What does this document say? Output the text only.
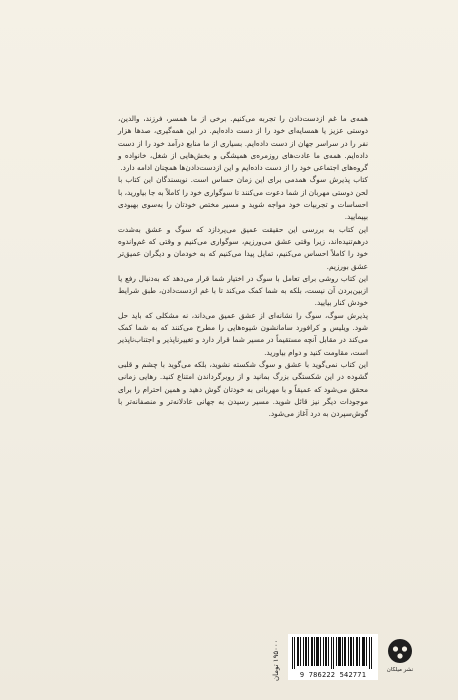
همه‌ی ما غم ازدست‌دادن را تجربه می‌کنیم. برخی از ما همسر، فرزند، والدین، دوستی عزیز یا همسایه‌ای خود را از دست داده‌ایم. در این همه‌گیری، صدها هزار نفر را در سراسر جهان از دست داده‌ایم. بسیاری از ما منابع درآمد خود را از دست داده‌ایم. همه‌ی ما عادت‌های روزمره‌ی همیشگی و بخش‌هایی از شغل، خانواده و گروه‌های اجتماعی خود را از دست داده‌ایم و این ازدست‌دادن‌ها همچنان ادامه دارد.

کتاب پذیرش سوگ همدمی برای این زمان حساس است. نویسندگان این کتاب با لحن دوستی مهربان از شما دعوت می‌کنند تا سوگواری خود را کاملاً به جا بیاورید، با احساسات و تجربیات خود مواجه شوید و مسیر مختص خودتان را به‌سوی بهبودی بپیمایید.

این کتاب به بررسی این حقیقت عمیق می‌پردازد که سوگ و عشق به‌شدت درهم‌تنیده‌اند، زیرا وقتی عشق می‌ورزیم، سوگواری می‌کنیم و وقتی که غم‌واندوه خود را کاملاً احساس می‌کنیم، تمایل پیدا می‌کنیم که به خودمان و دیگران عمیق‌تر عشق بورزیم.

این کتاب روشی برای تعامل با سوگ در اختیار شما قرار می‌دهد که به‌دنبال رفع یا ازبین‌بردن آن نیست، بلکه به شما کمک می‌کند تا با غم ازدست‌دادن، طبق شرایط خودش کنار بیایید.

پذیرش سوگ، سوگ را نشانه‌ای از عشق عمیق می‌داند، نه مشکلی که باید حل شود. ویلیس و کرافورد سامانشون شیوه‌هایی را مطرح می‌کنند که به شما کمک می‌کند در مقابل آنچه مستقیماً در مسیر شما قرار دارد و تغییرناپذیر و اجتناب‌ناپذیر است، مقاومت کنید و دوام بیاورید.

این کتاب نمی‌گوید با عشق و سوگ شکسته نشوید، بلکه می‌گوید با چشم و قلبی گشوده در این شکستگی بزرگ بمانید و از روبرگرداندن امتناع کنید. رهایی زمانی محقق می‌شود که عمیقاً و با مهربانی به خودتان گوش دهید و همین احترام را برای موجودات دیگر نیز قائل شوید. مسیر رسیدن به جهانی عادلانه‌تر و منصفانه‌تر با گوش‌سپردن به درد آغاز می‌شود.

۱۹۵۰۰۰ تومان
9 786222 542771
نشر میلکان
